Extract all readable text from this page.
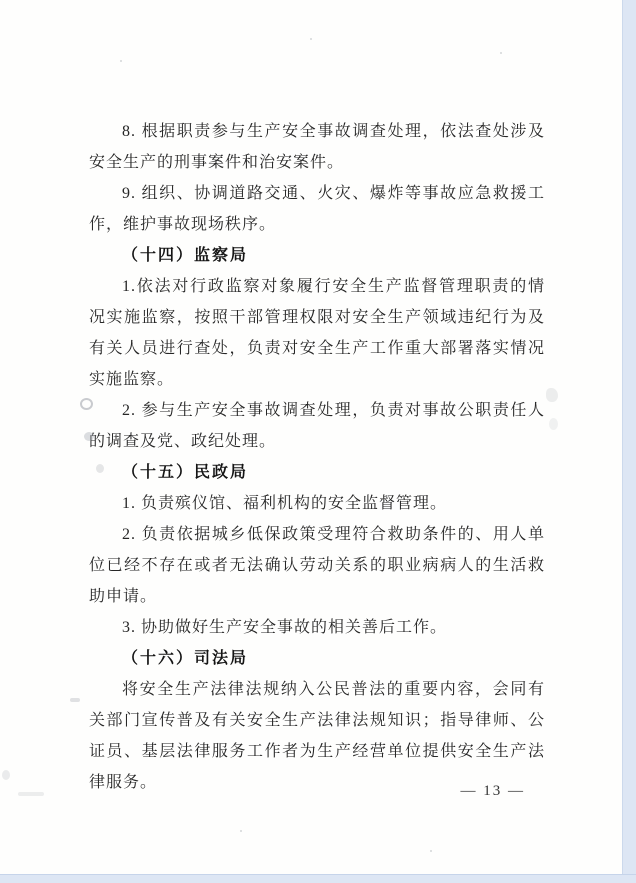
8. 根据职责参与生产安全事故调查处理，依法查处涉及
安全生产的刑事案件和治安案件。
9. 组织、协调道路交通、火灾、爆炸等事故应急救援工
作，维护事故现场秩序。
（十四）监察局
1.依法对行政监察对象履行安全生产监督管理职责的情
况实施监察，按照干部管理权限对安全生产领域违纪行为及
有关人员进行查处，负责对安全生产工作重大部署落实情况
实施监察。
2. 参与生产安全事故调查处理，负责对事故公职责任人
的调查及党、政纪处理。
（十五）民政局
1. 负责殡仪馆、福利机构的安全监督管理。
2. 负责依据城乡低保政策受理符合救助条件的、用人单
位已经不存在或者无法确认劳动关系的职业病病人的生活救
助申请。
3. 协助做好生产安全事故的相关善后工作。
（十六）司法局
将安全生产法律法规纳入公民普法的重要内容，会同有
关部门宣传普及有关安全生产法律法规知识；指导律师、公
证员、基层法律服务工作者为生产经营单位提供安全生产法
律服务。	— 13 —
